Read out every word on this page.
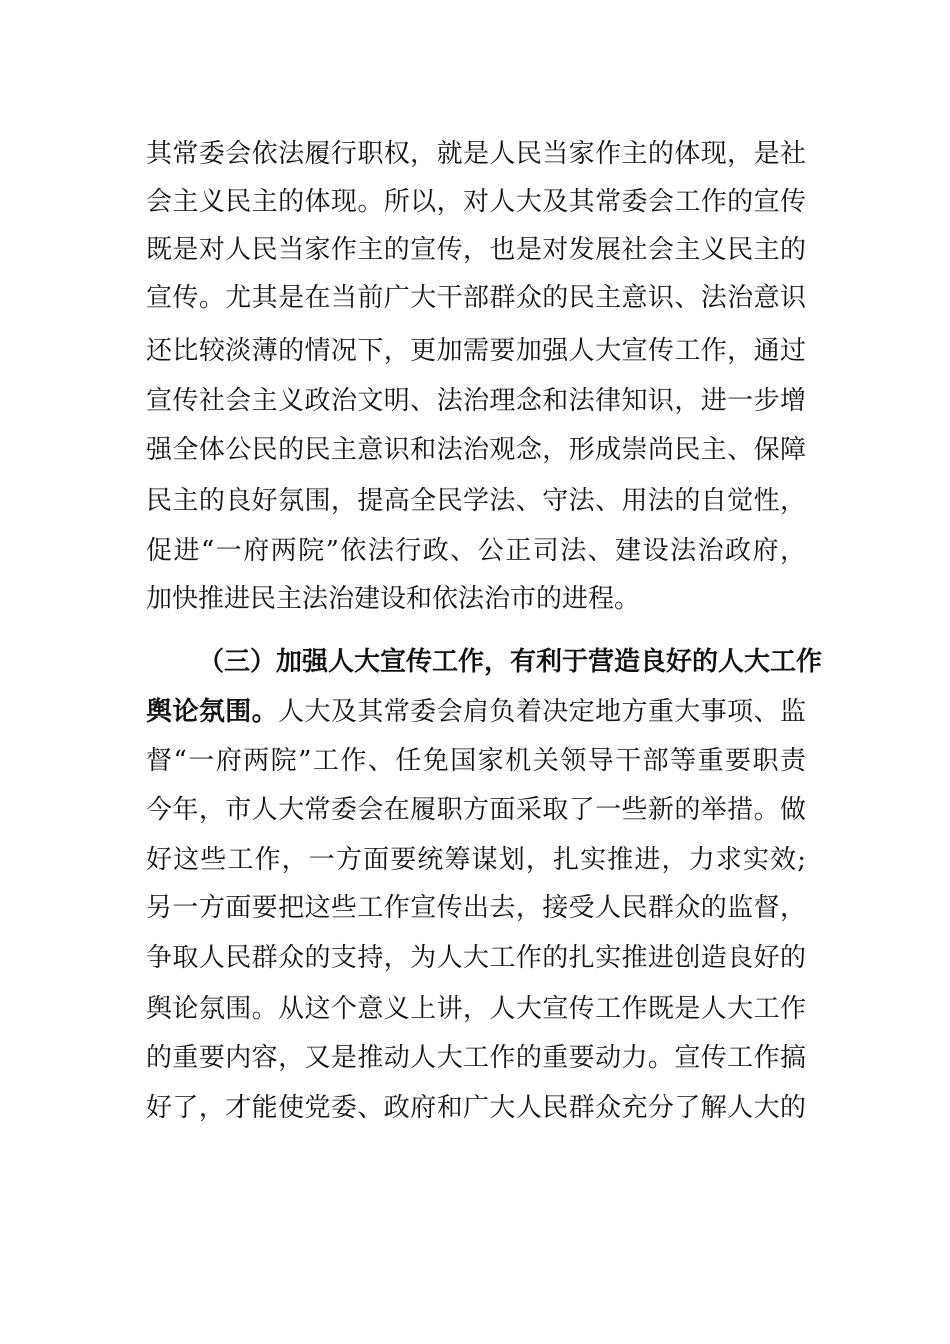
其常委会依法履行职权，就是人民当家作主的体现，是社
会主义民主的体现。所以，对人大及其常委会工作的宣传
既是对人民当家作主的宣传，也是对发展社会主义民主的
宣传。尤其是在当前广大干部群众的民主意识、法治意识
还比较淡薄的情况下，更加需要加强人大宣传工作，通过
宣传社会主义政治文明、法治理念和法律知识，进一步增
强全体公民的民主意识和法治观念，形成崇尚民主、保障
民主的良好氛围，提高全民学法、守法、用法的自觉性，
促进“一府两院”依法行政、公正司法、建设法治政府，
加快推进民主法治建设和依法治市的进程。
（三）加强人大宣传工作，有利于营造良好的人大工作
舆论氛围。人大及其常委会肩负着决定地方重大事项、监
督“一府两院”工作、任免国家机关领导干部等重要职责
今年，市人大常委会在履职方面采取了一些新的举措。做
好这些工作，一方面要统筹谋划，扎实推进，力求实效;
另一方面要把这些工作宣传出去，接受人民群众的监督，
争取人民群众的支持，为人大工作的扎实推进创造良好的
舆论氛围。从这个意义上讲，人大宣传工作既是人大工作
的重要内容，又是推动人大工作的重要动力。宣传工作搞
好了，才能使党委、政府和广大人民群众充分了解人大的
